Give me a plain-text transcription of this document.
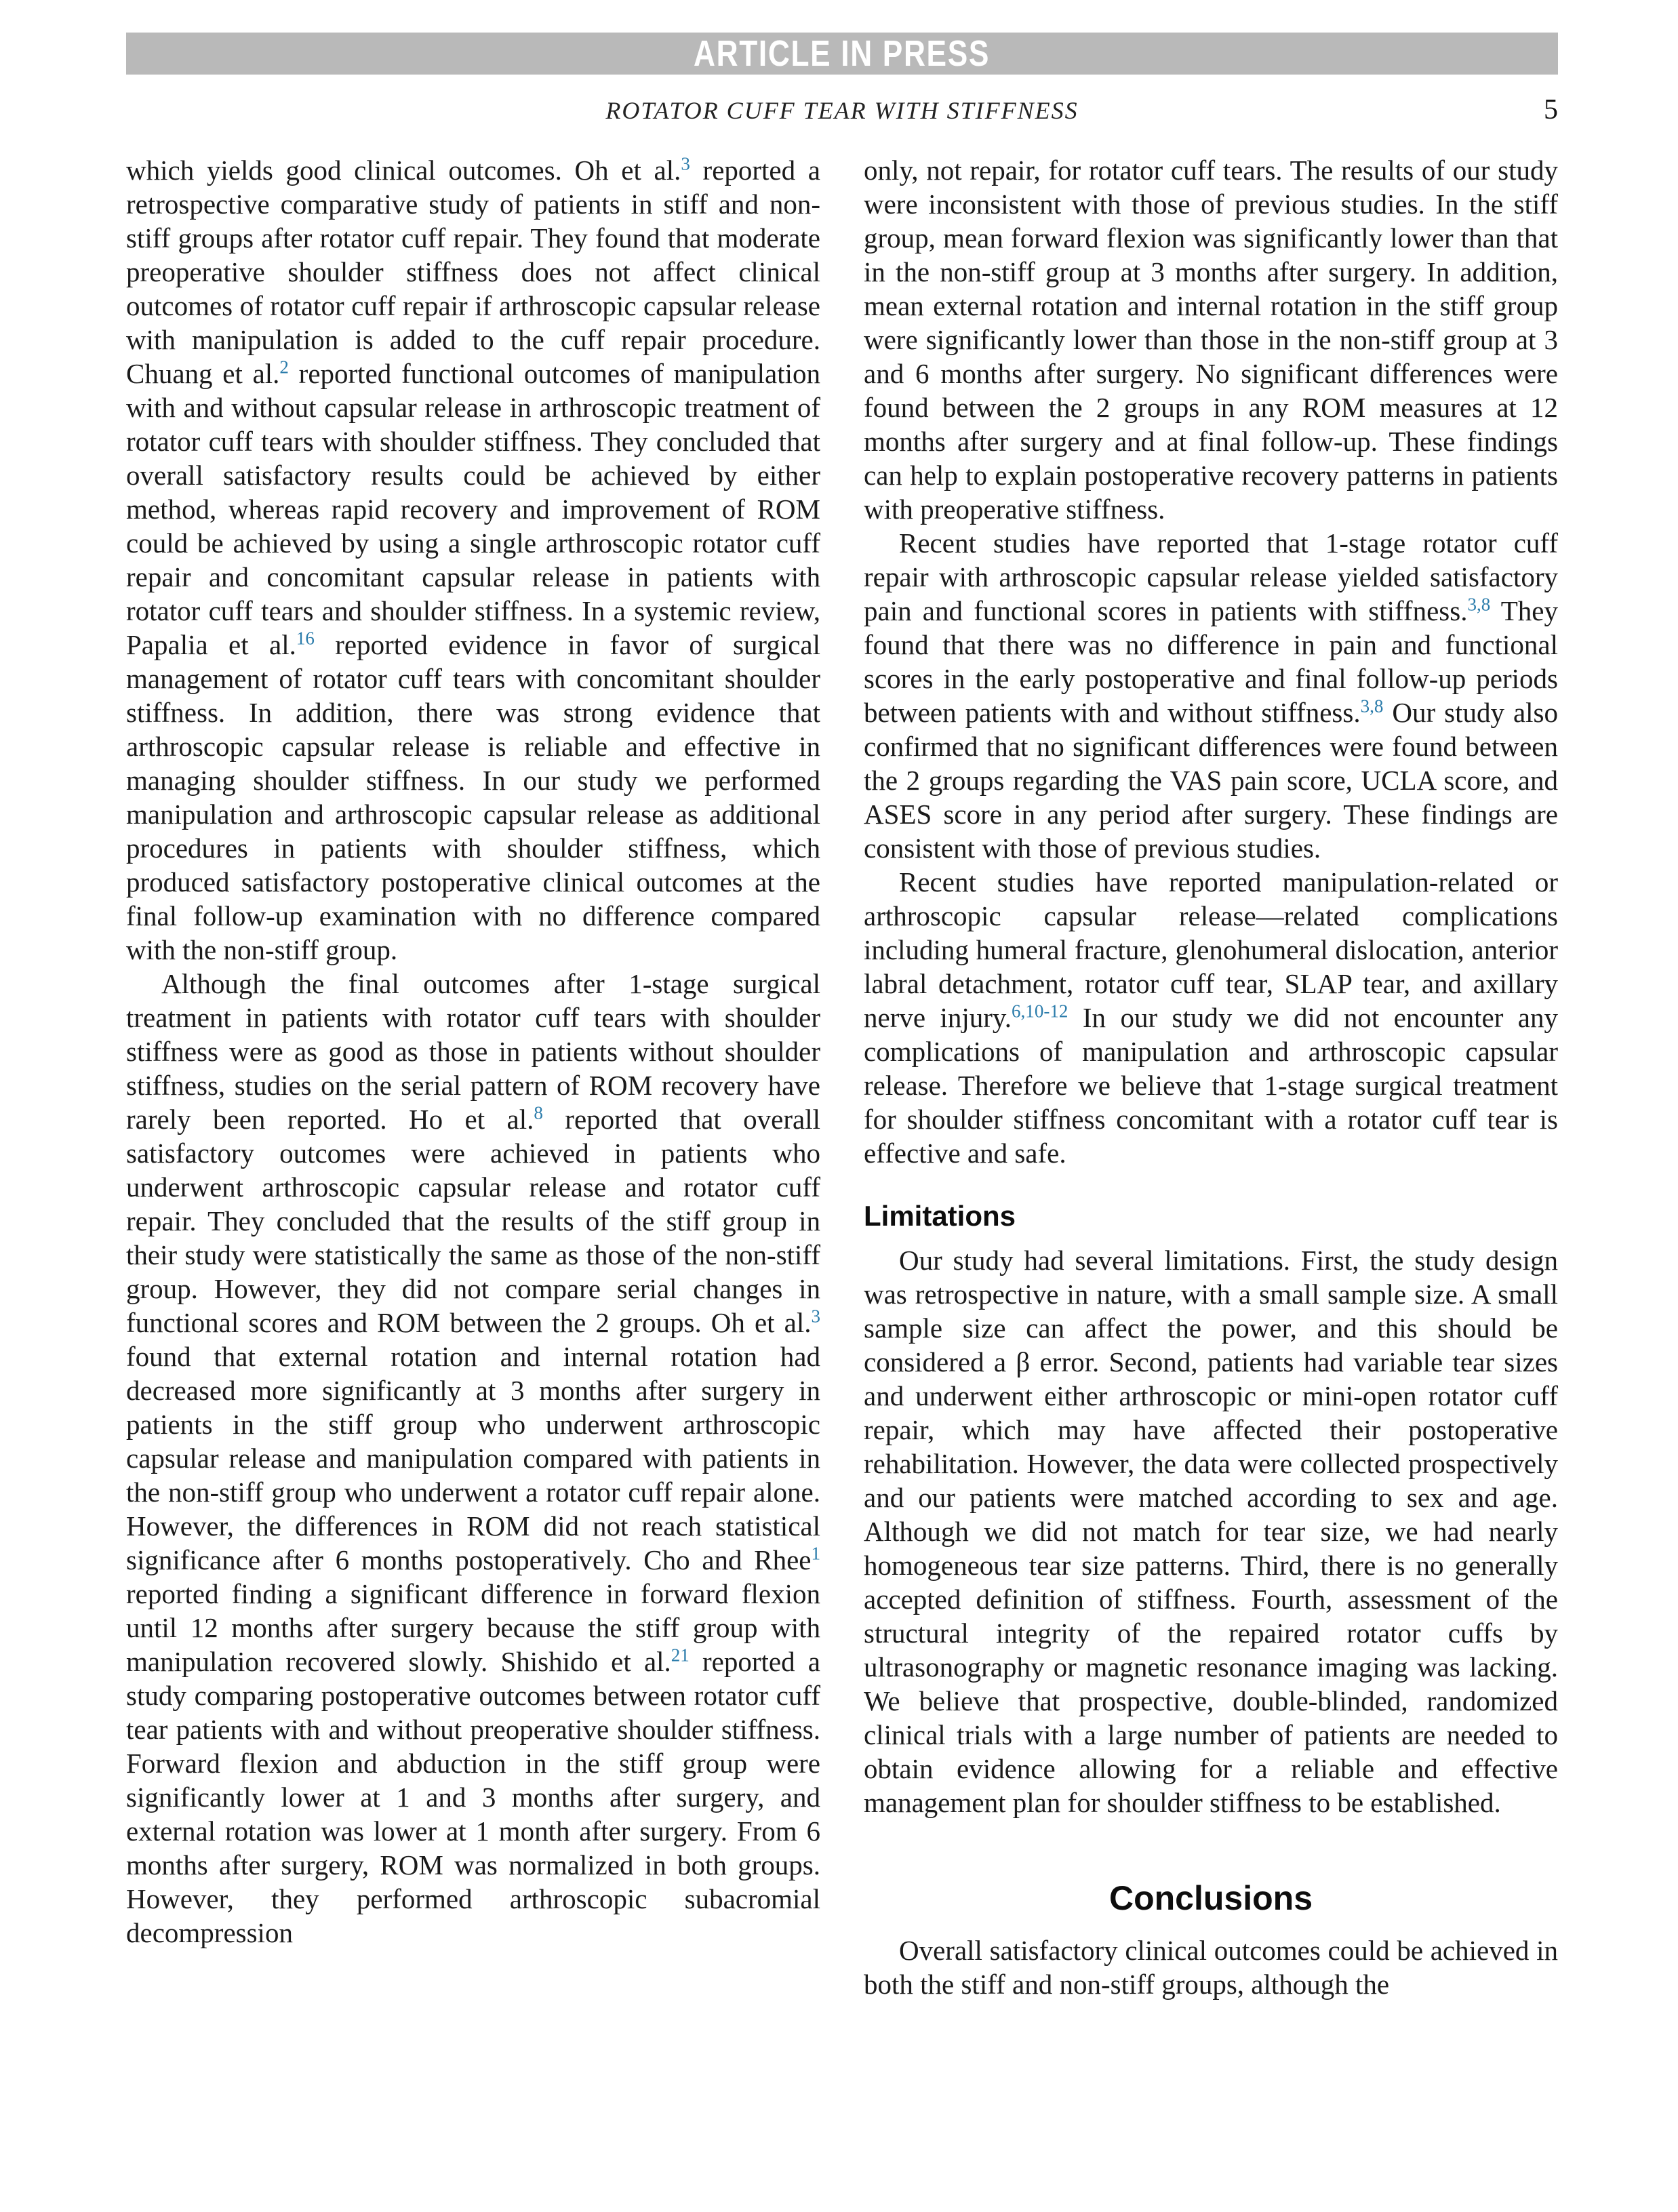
ARTICLE IN PRESS
ROTATOR CUFF TEAR WITH STIFFNESS	5

which yields good clinical outcomes. Oh et al.$^3$ reported a retrospective comparative study of patients in stiff and non-stiff groups after rotator cuff repair. They found that moderate preoperative shoulder stiffness does not affect clinical outcomes of rotator cuff repair if arthroscopic capsular release with manipulation is added to the cuff repair procedure. Chuang et al.$^2$ reported functional outcomes of manipulation with and without capsular release in arthroscopic treatment of rotator cuff tears with shoulder stiffness. They concluded that overall satisfactory results could be achieved by either method, whereas rapid recovery and improvement of ROM could be achieved by using a single arthroscopic rotator cuff repair and concomitant capsular release in patients with rotator cuff tears and shoulder stiffness. In a systemic review, Papalia et al.$^{16}$ reported evidence in favor of surgical management of rotator cuff tears with concomitant shoulder stiffness. In addition, there was strong evidence that arthroscopic capsular release is reliable and effective in managing shoulder stiffness. In our study we performed manipulation and arthroscopic capsular release as additional procedures in patients with shoulder stiffness, which produced satisfactory postoperative clinical outcomes at the final follow-up examination with no difference compared with the non-stiff group.

Although the final outcomes after 1-stage surgical treatment in patients with rotator cuff tears with shoulder stiffness were as good as those in patients without shoulder stiffness, studies on the serial pattern of ROM recovery have rarely been reported. Ho et al.$^8$ reported that overall satisfactory outcomes were achieved in patients who underwent arthroscopic capsular release and rotator cuff repair. They concluded that the results of the stiff group in their study were statistically the same as those of the non-stiff group. However, they did not compare serial changes in functional scores and ROM between the 2 groups. Oh et al.$^3$ found that external rotation and internal rotation had decreased more significantly at 3 months after surgery in patients in the stiff group who underwent arthroscopic capsular release and manipulation compared with patients in the non-stiff group who underwent a rotator cuff repair alone. However, the differences in ROM did not reach statistical significance after 6 months postoperatively. Cho and Rhee$^1$ reported finding a significant difference in forward flexion until 12 months after surgery because the stiff group with manipulation recovered slowly. Shishido et al.$^{21}$ reported a study comparing postoperative outcomes between rotator cuff tear patients with and without preoperative shoulder stiffness. Forward flexion and abduction in the stiff group were significantly lower at 1 and 3 months after surgery, and external rotation was lower at 1 month after surgery. From 6 months after surgery, ROM was normalized in both groups. However, they performed arthroscopic subacromial decompression

only, not repair, for rotator cuff tears. The results of our study were inconsistent with those of previous studies. In the stiff group, mean forward flexion was significantly lower than that in the non-stiff group at 3 months after surgery. In addition, mean external rotation and internal rotation in the stiff group were significantly lower than those in the non-stiff group at 3 and 6 months after surgery. No significant differences were found between the 2 groups in any ROM measures at 12 months after surgery and at final follow-up. These findings can help to explain postoperative recovery patterns in patients with preoperative stiffness.

Recent studies have reported that 1-stage rotator cuff repair with arthroscopic capsular release yielded satisfactory pain and functional scores in patients with stiffness.$^{3,8}$ They found that there was no difference in pain and functional scores in the early postoperative and final follow-up periods between patients with and without stiffness.$^{3,8}$ Our study also confirmed that no significant differences were found between the 2 groups regarding the VAS pain score, UCLA score, and ASES score in any period after surgery. These findings are consistent with those of previous studies.

Recent studies have reported manipulation-related or arthroscopic capsular release—related complications including humeral fracture, glenohumeral dislocation, anterior labral detachment, rotator cuff tear, SLAP tear, and axillary nerve injury.$^{6,10-12}$ In our study we did not encounter any complications of manipulation and arthroscopic capsular release. Therefore we believe that 1-stage surgical treatment for shoulder stiffness concomitant with a rotator cuff tear is effective and safe.

Limitations

Our study had several limitations. First, the study design was retrospective in nature, with a small sample size. A small sample size can affect the power, and this should be considered a β error. Second, patients had variable tear sizes and underwent either arthroscopic or mini-open rotator cuff repair, which may have affected their postoperative rehabilitation. However, the data were collected prospectively and our patients were matched according to sex and age. Although we did not match for tear size, we had nearly homogeneous tear size patterns. Third, there is no generally accepted definition of stiffness. Fourth, assessment of the structural integrity of the repaired rotator cuffs by ultrasonography or magnetic resonance imaging was lacking. We believe that prospective, double-blinded, randomized clinical trials with a large number of patients are needed to obtain evidence allowing for a reliable and effective management plan for shoulder stiffness to be established.

Conclusions

Overall satisfactory clinical outcomes could be achieved in both the stiff and non-stiff groups, although the
